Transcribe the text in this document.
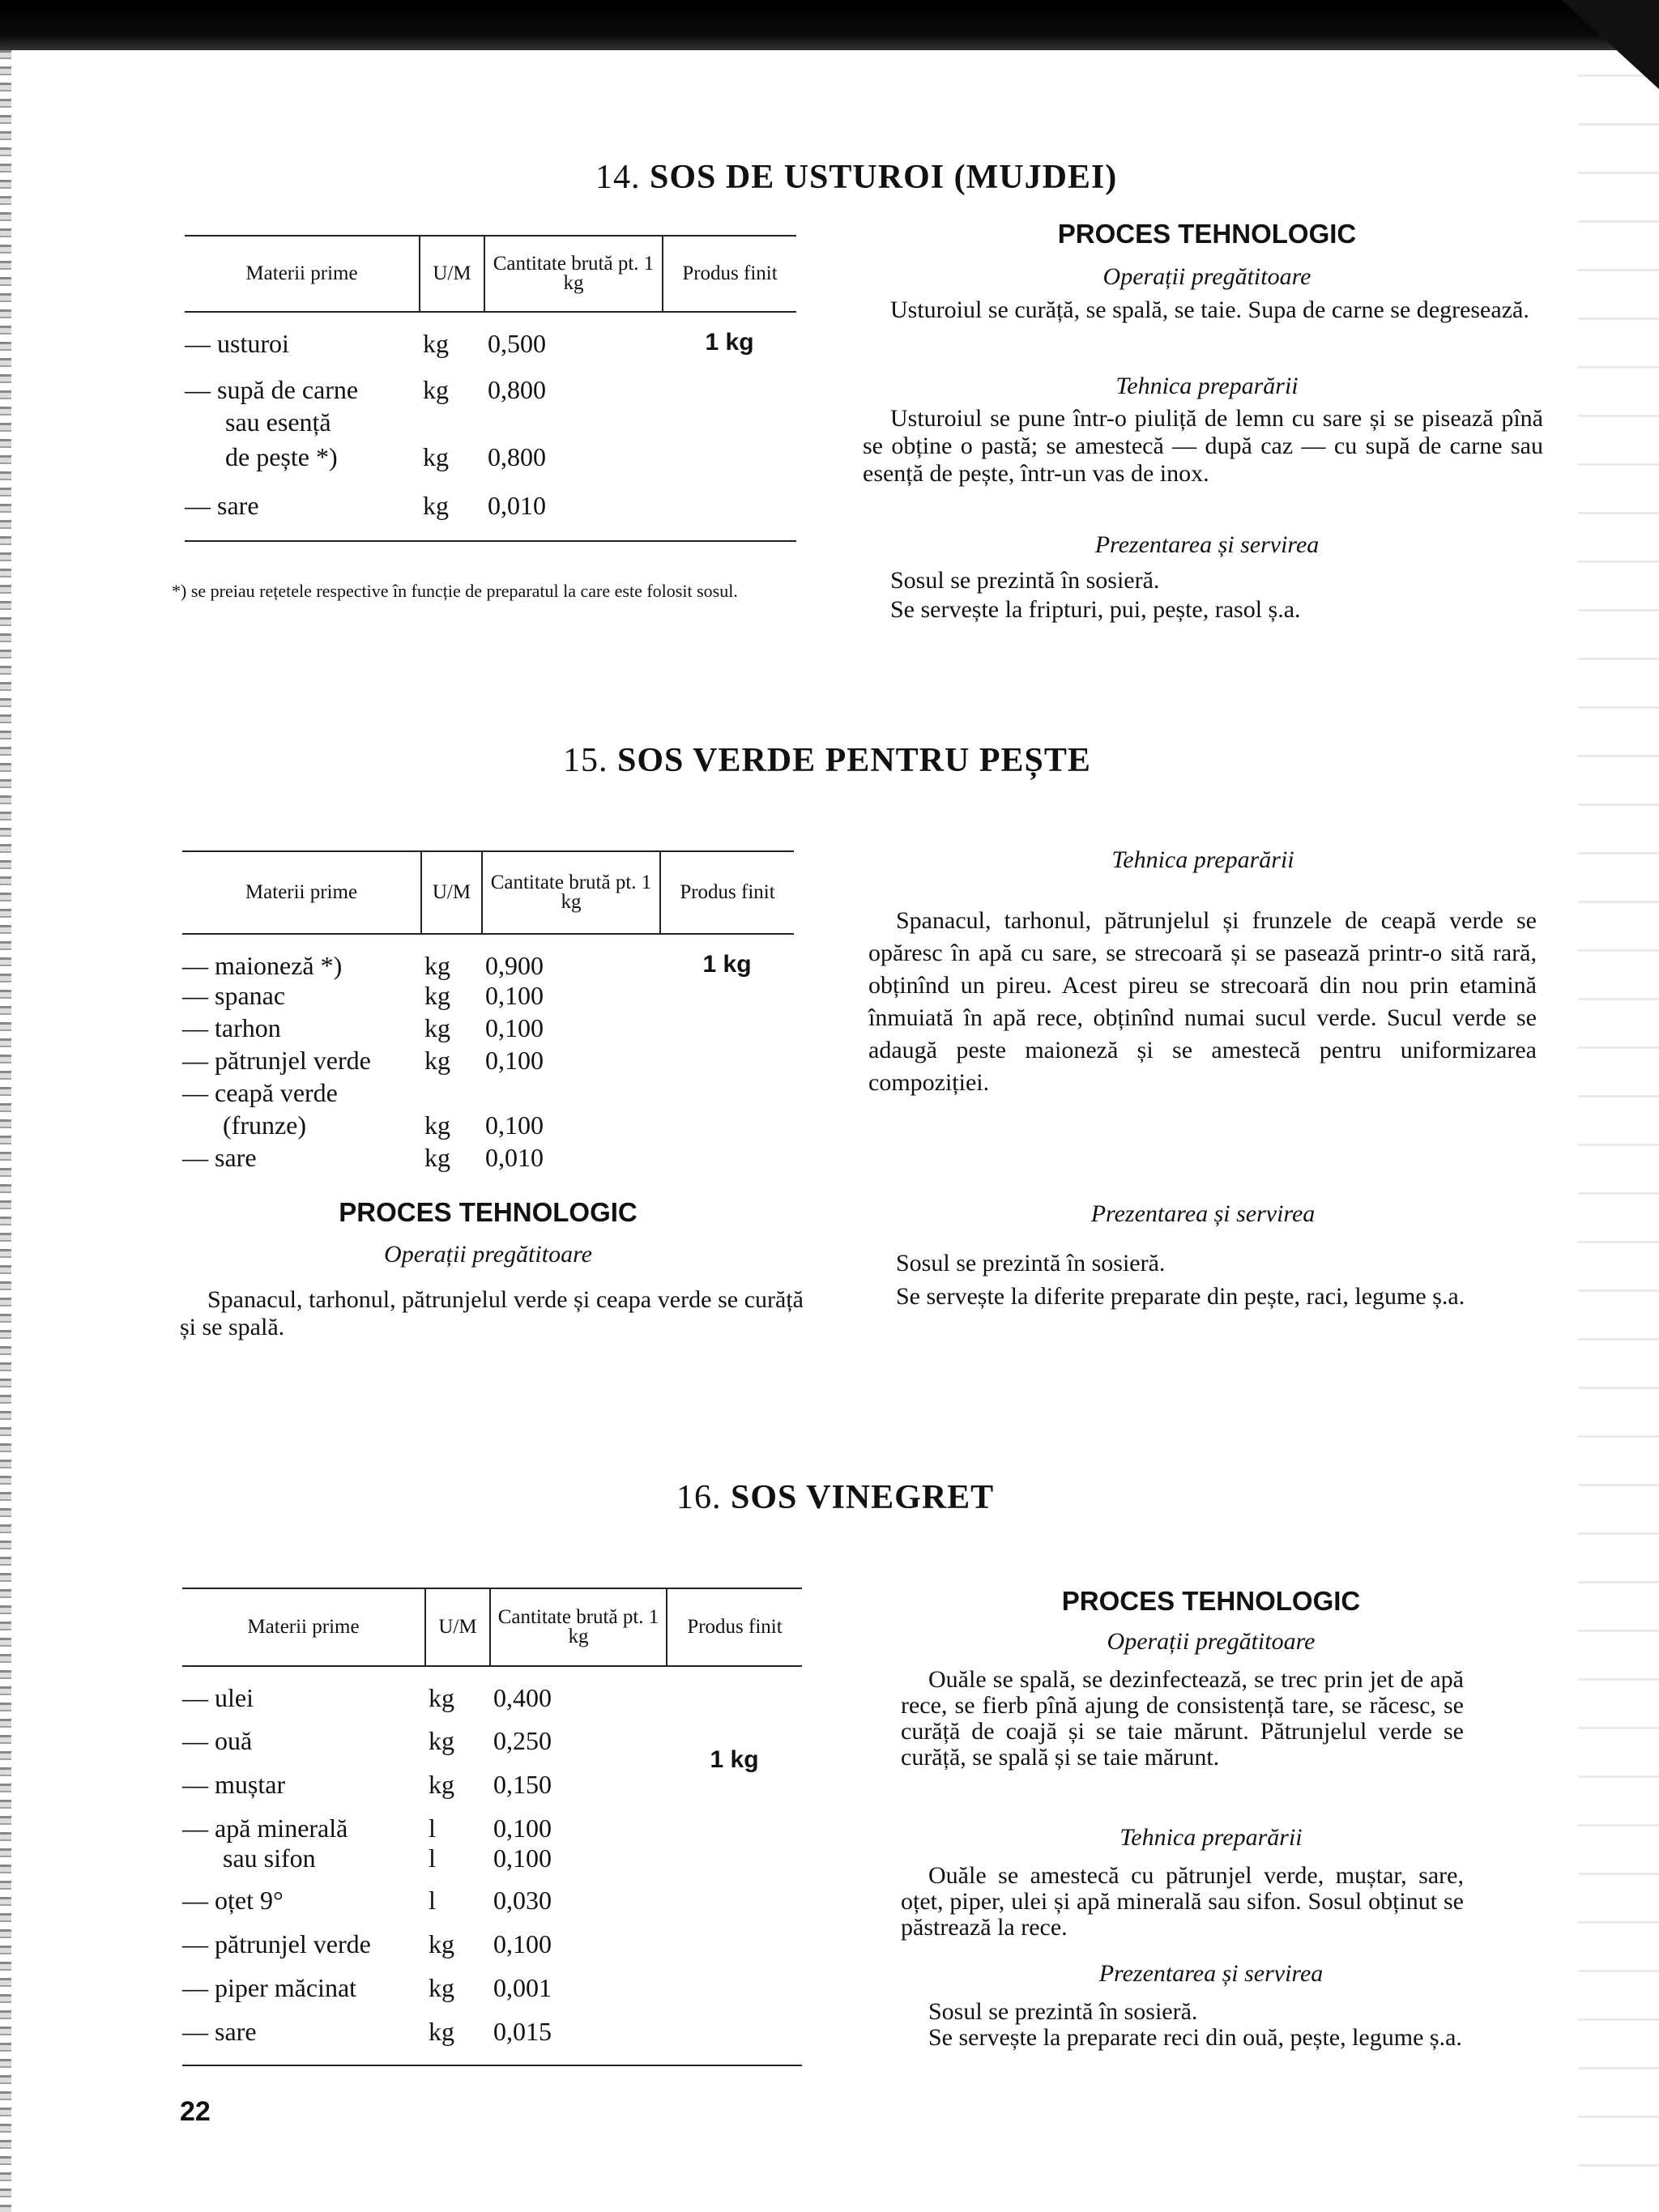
14. SOS DE USTUROI (MUJDEI)
Materii prime	U/M	Cantitate brută pt. 1 kg	Produs finit
— usturoi	kg	0,500	1 kg
— supă de carne	kg	0,800	
sau esență			
de pește *)	kg	0,800	
— sare	kg	0,010	
*) se preiau rețetele respective în funcție de preparatul la care este folosit sosul.
PROCES TEHNOLOGIC
Operații pregătitoare
Usturoiul se curăță, se spală, se taie. Supa de carne se degresează.
Tehnica preparării
Usturoiul se pune într-o piuliță de lemn cu sare și se pisează pînă se obține o pastă; se amestecă — după caz — cu supă de carne sau esență de pește, într-un vas de inox.
Prezentarea și servirea
Sosul se prezintă în sosieră.
Se servește la fripturi, pui, pește, rasol ș.a.
15. SOS VERDE PENTRU PEȘTE
Materii prime	U/M	Cantitate brută pt. 1 kg	Produs finit
— maioneză *)	kg	0,900	1 kg
— spanac	kg	0,100	
— tarhon	kg	0,100	
— pătrunjel verde	kg	0,100	
— ceapă verde			
(frunze)	kg	0,100	
— sare	kg	0,010	
PROCES TEHNOLOGIC
Operații pregătitoare
Spanacul, tarhonul, pătrunjelul verde și ceapa verde se curăță și se spală.
Tehnica preparării
Spanacul, tarhonul, pătrunjelul și frunzele de ceapă verde se opăresc în apă cu sare, se strecoară și se pasează printr-o sită rară, obținînd un pireu. Acest pireu se strecoară din nou prin etamină înmuiată în apă rece, obținînd numai sucul verde. Sucul verde se adaugă peste maioneză și se amestecă pentru uniformizarea compoziției.
Prezentarea și servirea
Sosul se prezintă în sosieră.
Se servește la diferite preparate din pește, raci, legume ș.a.
16. SOS VINEGRET
Materii prime	U/M	Cantitate brută pt. 1 kg	Produs finit
— ulei	kg	0,400	
— ouă	kg	0,250	1 kg
— muștar	kg	0,150	
— apă minerală	l	0,100	
sau sifon	l	0,100	
— oțet 9°	l	0,030	
— pătrunjel verde	kg	0,100	
— piper măcinat	kg	0,001	
— sare	kg	0,015	
PROCES TEHNOLOGIC
Operații pregătitoare
Ouăle se spală, se dezinfectează, se trec prin jet de apă rece, se fierb pînă ajung de consistență tare, se răcesc, se curăță de coajă și se taie mărunt. Pătrunjelul verde se curăță, se spală și se taie mărunt.
Tehnica preparării
Ouăle se amestecă cu pătrunjel verde, muștar, sare, oțet, piper, ulei și apă minerală sau sifon. Sosul obținut se păstrează la rece.
Prezentarea și servirea
Sosul se prezintă în sosieră.
Se servește la preparate reci din ouă, pește, legume ș.a.
22
